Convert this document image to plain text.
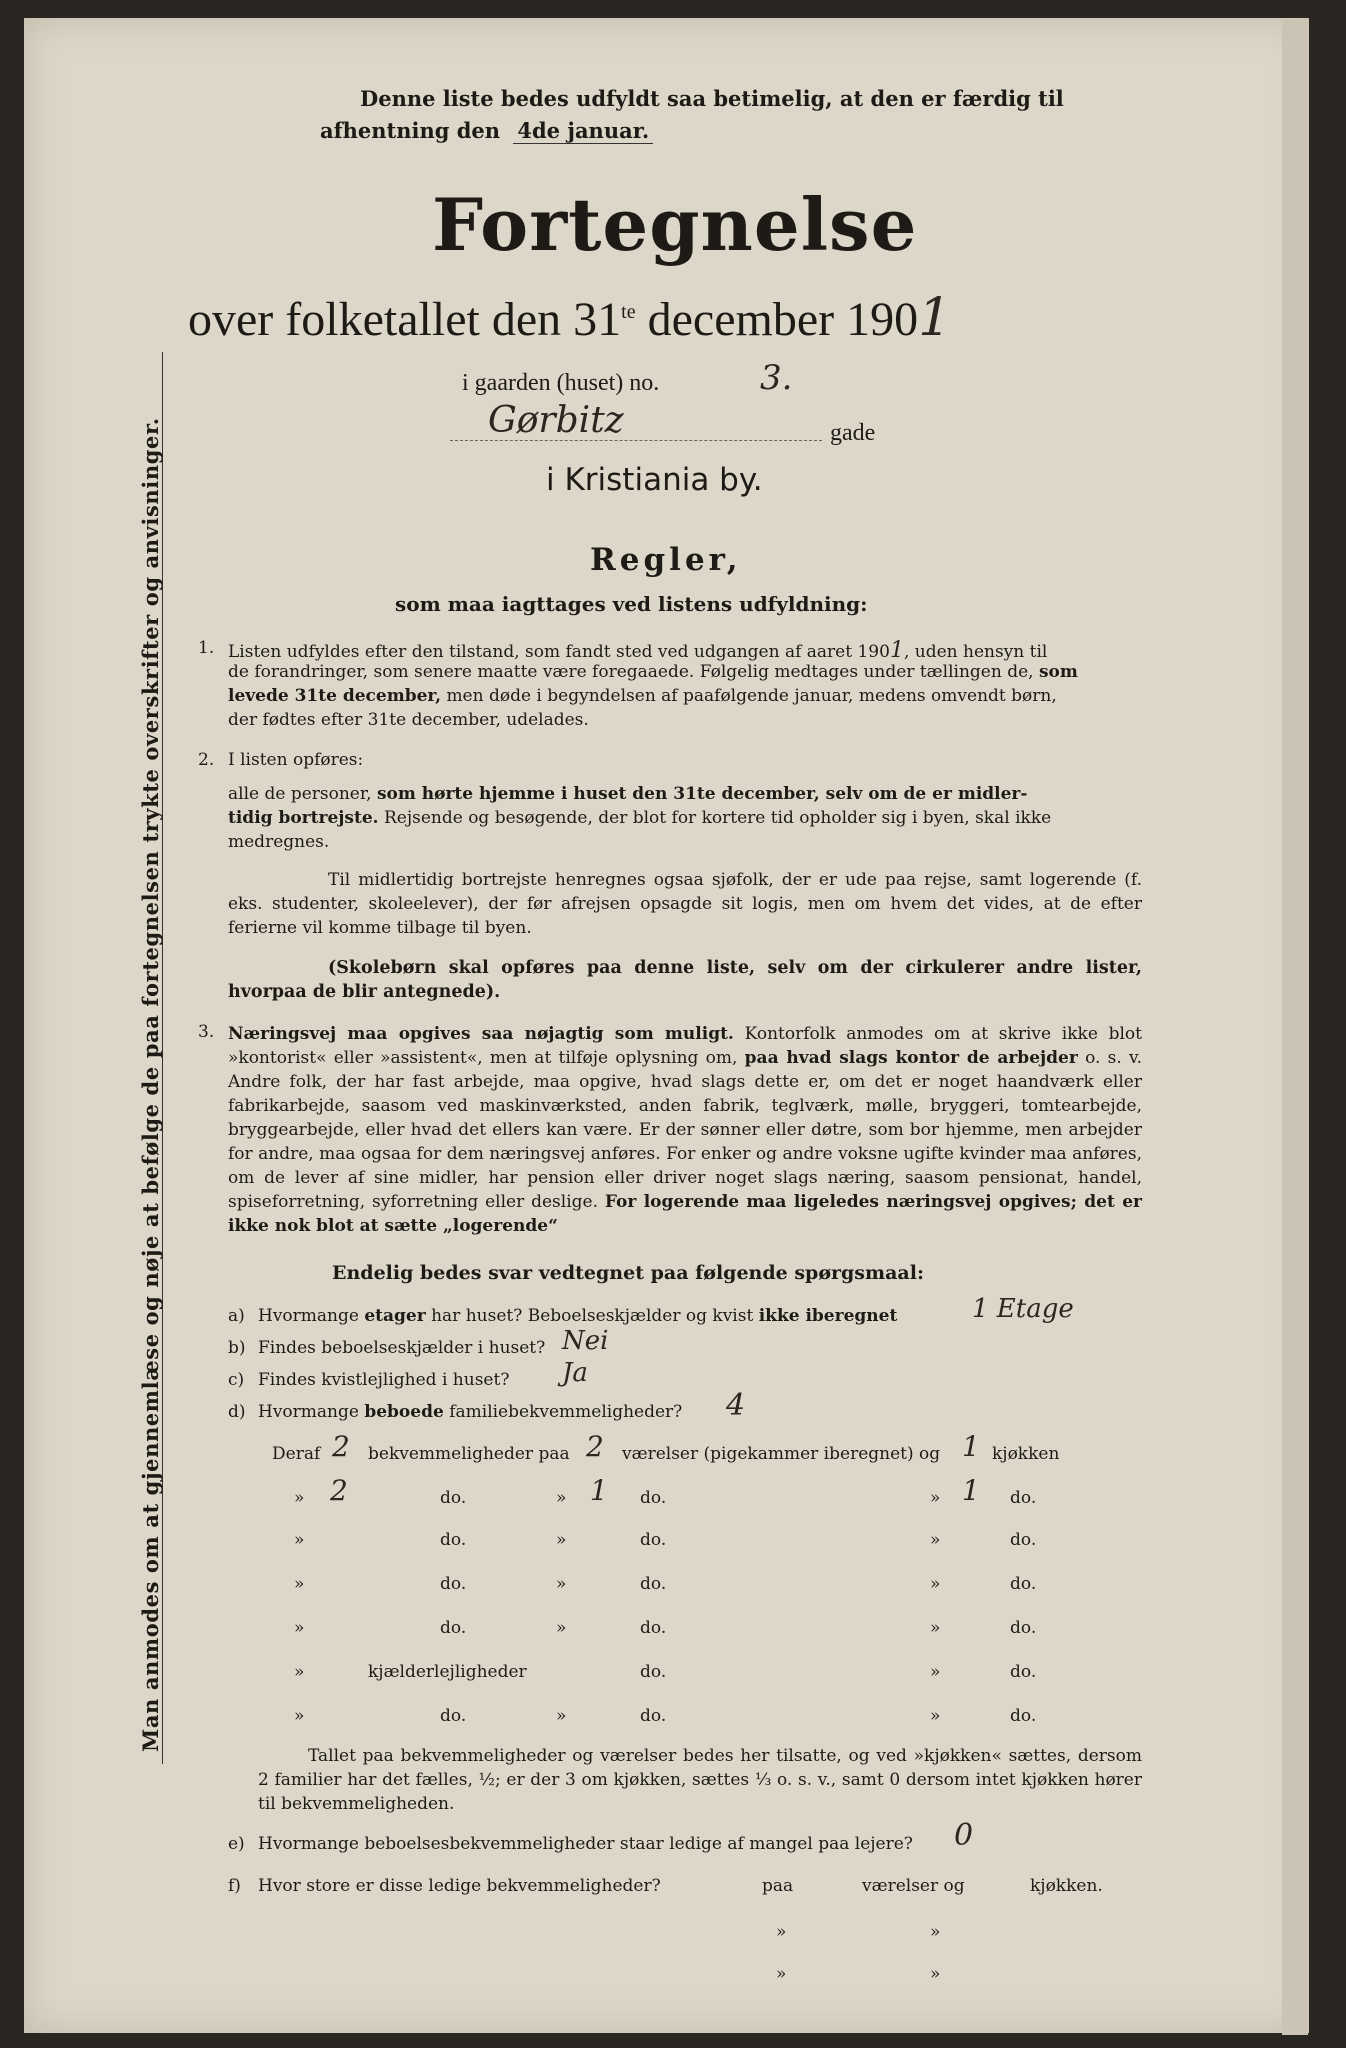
Man anmodes om at gjennemlæse og nøje at befølge de paa fortegnelsen trykte overskrifter og anvisninger.
Denne liste bedes udfyldt saa betimelig, at den er færdig til
afhentning den 4de januar.
Fortegnelse
over folketallet den $31^{te}$ december 1901
i gaarden (huset) no.	3.
Gørbitz	gade
i Kristiania by.
Regler,
som maa iagttages ved listens udfyldning:
1. Listen udfyldes efter den tilstand, som fandt sted ved udgangen af aaret 1901, uden hensyn til
de forandringer, som senere maatte være foregaaede. Følgelig medtages under tællingen de, som
levede 31te december, men døde i begyndelsen af paafølgende januar, medens omvendt børn,
der fødtes efter 31te december, udelades.
2. I listen opføres:
alle de personer, som hørte hjemme i huset den 31te december, selv om de er midler-
tidig bortrejste. Rejsende og besøgende, der blot for kortere tid opholder sig i byen, skal ikke
medregnes.
Til midlertidig bortrejste henregnes ogsaa sjøfolk, der er ude paa rejse, samt logerende (f. eks. studenter, skoleelever), der før afrejsen opsagde sit logis, men om hvem det vides, at de efter ferierne vil komme tilbage til byen.
(Skolebørn skal opføres paa denne liste, selv om der cirkulerer andre lister, hvorpaa de blir antegnede).
3. Næringsvej maa opgives saa nøjagtig som muligt. Kontorfolk anmodes om at skrive ikke blot »kontorist« eller »assistent«, men at tilføje oplysning om, paa hvad slags kontor de arbejder o. s. v. Andre folk, der har fast arbejde, maa opgive, hvad slags dette er, om det er noget haandværk eller fabrikarbejde, saasom ved maskinværksted, anden fabrik, teglværk, mølle, bryggeri, tomtearbejde, bryggearbejde, eller hvad det ellers kan være. Er der sønner eller døtre, som bor hjemme, men arbejder for andre, maa ogsaa for dem næringsvej anføres. For enker og andre voksne ugifte kvinder maa anføres, om de lever af sine midler, har pension eller driver noget slags næring, saasom pensionat, handel, spiseforretning, syforretning eller deslige. For logerende maa ligeledes næringsvej opgives; det er ikke nok blot at sætte „logerende“
Endelig bedes svar vedtegnet paa følgende spørgsmaal:
a) Hvormange etager har huset? Beboelseskjælder og kvist ikke iberegnet	1 Etage
b) Findes beboelseskjælder i huset? Nei
c) Findes kvistlejlighed i huset? Ja
d) Hvormange beboede familiebekvemmeligheder? 4
Deraf 2 bekvemmeligheder paa 2 værelser (pigekammer iberegnet) og 1 kjøkken
» 2	do.	» 1 do.	» 1 do.
»	do.	»	do.	»	do.
»	do.	»	do.	»	do.
»	do.	»	do.	»	do.
»	kjælderlejligheder	do.	»	do.
»	do.	»	do.	»	do.
Tallet paa bekvemmeligheder og værelser bedes her tilsatte, og ved »kjøkken« sættes, dersom 2 familier har det fælles, ½; er der 3 om kjøkken, sættes ⅓ o. s. v., samt 0 dersom intet kjøkken hører til bekvemmeligheden.
e) Hvormange beboelsesbekvemmeligheder staar ledige af mangel paa lejere? 0
f) Hvor store er disse ledige bekvemmeligheder?	paa	værelser og	kjøkken.
»	»
»	»
